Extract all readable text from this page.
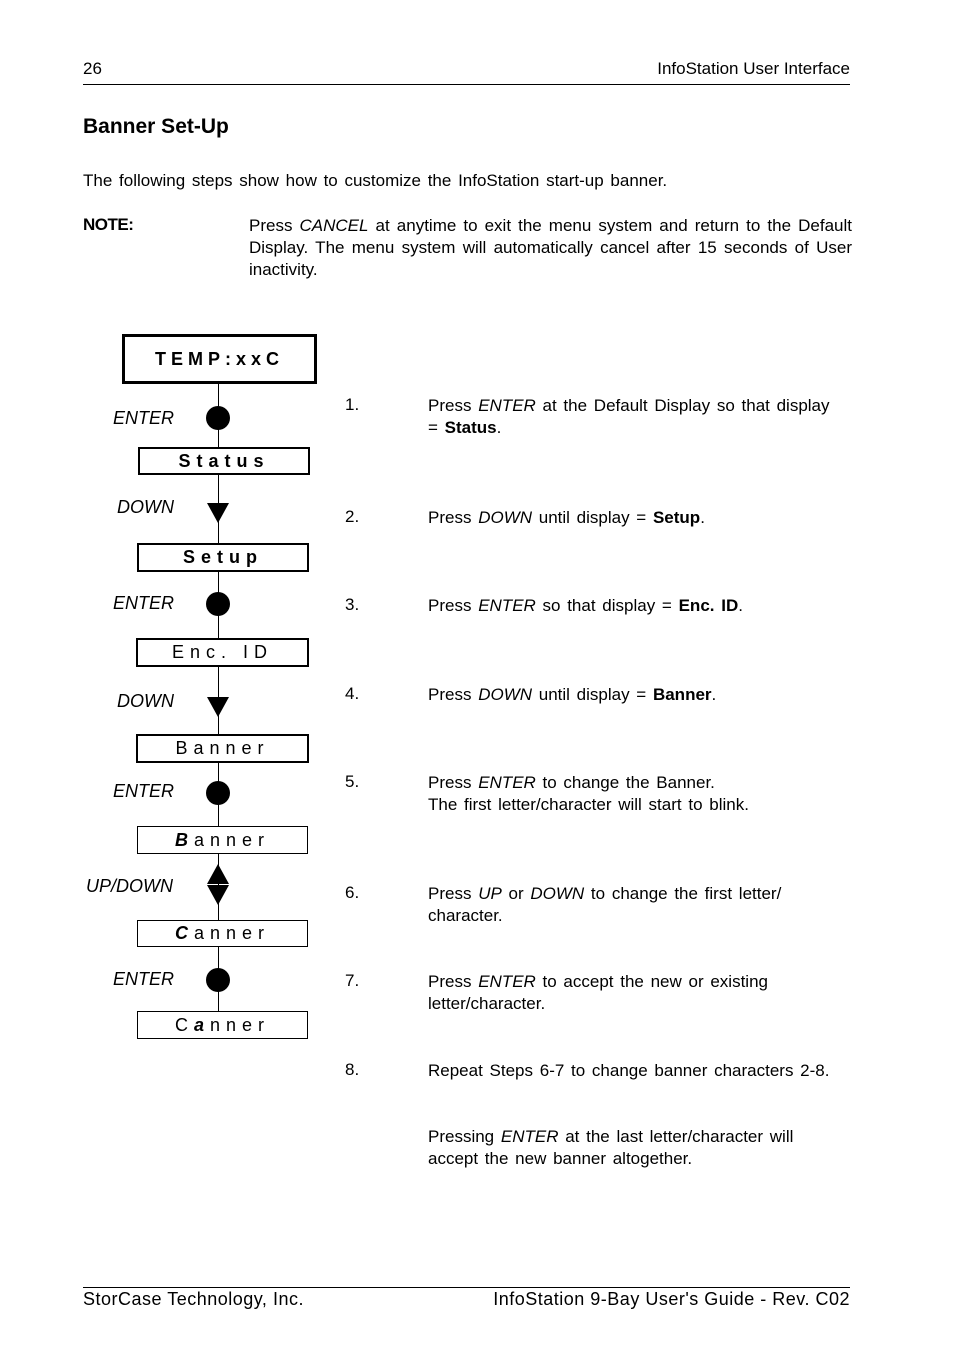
26	InfoStation User Interface
Banner Set-Up
The following steps show how to customize the InfoStation start-up banner.
NOTE:	Press CANCEL at anytime to exit the menu system and return to the Default Display. The menu system will automatically cancel after 15 seconds of User inactivity.
TEMP:xxC
ENTER
Status
DOWN
Setup
ENTER
Enc. ID
DOWN
Banner
ENTER
Banner
UP/DOWN
Canner
ENTER
Canner
1.	Press ENTER at the Default Display so that display = Status.
2.	Press DOWN until display = Setup.
3.	Press ENTER so that display = Enc. ID.
4.	Press DOWN until display = Banner.
5.	Press ENTER to change the Banner.
The first letter/character will start to blink.
6.	Press UP or DOWN to change the first letter/ character.
7.	Press ENTER to accept the new or existing letter/character.
8.	Repeat Steps 6-7 to change banner characters 2-8.
Pressing ENTER at the last letter/character will accept the new banner altogether.
StorCase Technology, Inc.	InfoStation 9-Bay User's Guide - Rev. C02
